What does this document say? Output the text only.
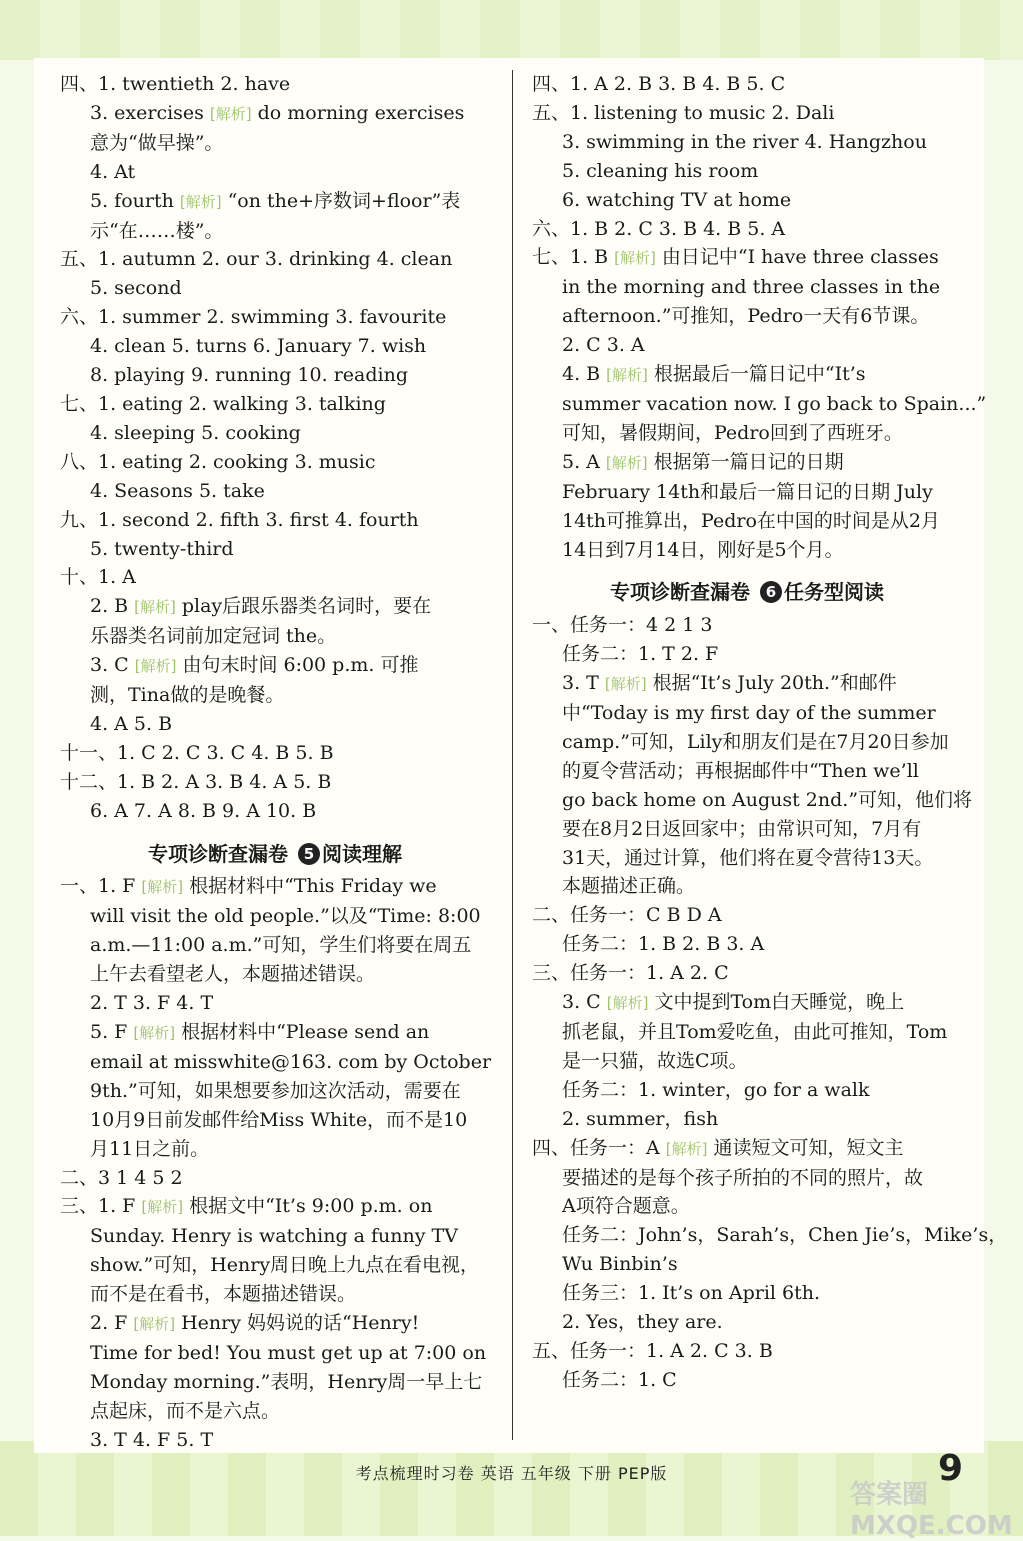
四、1. twentieth 2. have
3. exercises [解析] do morning exercises
意为“做早操”。
4. At
5. fourth [解析] “on the+序数词+floor”表
示“在……楼”。
五、1. autumn 2. our 3. drinking 4. clean
5. second
六、1. summer 2. swimming 3. favourite
4. clean 5. turns 6. January 7. wish
8. playing 9. running 10. reading
七、1. eating 2. walking 3. talking
4. sleeping 5. cooking
八、1. eating 2. cooking 3. music
4. Seasons 5. take
九、1. second 2. fifth 3. first 4. fourth
5. twenty-third
十、1. A
2. B [解析] play后跟乐器类名词时，要在
乐器类名词前加定冠词 the。
3. C [解析] 由句末时间 6:00 p.m. 可推
测，Tina做的是晚餐。
4. A 5. B
十一、1. C 2. C 3. C 4. B 5. B
十二、1. B 2. A 3. B 4. A 5. B
6. A 7. A 8. B 9. A 10. B
专项诊断查漏卷 5 阅读理解
一、1. F [解析] 根据材料中“This Friday we
will visit the old people.”以及“Time: 8:00
a.m.—11:00 a.m.”可知，学生们将要在周五
上午去看望老人，本题描述错误。
2. T 3. F 4. T
5. F [解析] 根据材料中“Please send an
email at misswhite@163. com by October
9th.”可知，如果想要参加这次活动，需要在
10月9日前发邮件给Miss White，而不是10
月11日之前。
二、3 1 4 5 2
三、1. F [解析] 根据文中“It’s 9:00 p.m. on
Sunday. Henry is watching a funny TV
show.”可知，Henry周日晚上九点在看电视，
而不是在看书，本题描述错误。
2. F [解析] Henry 妈妈说的话“Henry!
Time for bed! You must get up at 7:00 on
Monday morning.”表明，Henry周一早上七
点起床，而不是六点。
3. T 4. F 5. T
四、1. A 2. B 3. B 4. B 5. C
五、1. listening to music 2. Dali
3. swimming in the river 4. Hangzhou
5. cleaning his room
6. watching TV at home
六、1. B 2. C 3. B 4. B 5. A
七、1. B [解析] 由日记中“I have three classes
in the morning and three classes in the
afternoon.”可推知，Pedro一天有6节课。
2. C 3. A
4. B [解析] 根据最后一篇日记中“It’s
summer vacation now. I go back to Spain...”
可知，暑假期间，Pedro回到了西班牙。
5. A [解析] 根据第一篇日记的日期
February 14th和最后一篇日记的日期 July
14th可推算出，Pedro在中国的时间是从2月
14日到7月14日，刚好是5个月。
专项诊断查漏卷 6 任务型阅读
一、任务一：4 2 1 3
任务二：1. T 2. F
3. T [解析] 根据“It’s July 20th.”和邮件
中“Today is my first day of the summer
camp.”可知，Lily和朋友们是在7月20日参加
的夏令营活动；再根据邮件中“Then we’ll
go back home on August 2nd.”可知，他们将
要在8月2日返回家中；由常识可知，7月有
31天，通过计算，他们将在夏令营待13天。
本题描述正确。
二、任务一：C B D A
任务二：1. B 2. B 3. A
三、任务一：1. A 2. C
3. C [解析] 文中提到Tom白天睡觉，晚上
抓老鼠，并且Tom爱吃鱼，由此可推知，Tom
是一只猫，故选C项。
任务二：1. winter，go for a walk
2. summer，fish
四、任务一：A [解析] 通读短文可知，短文主
要描述的是每个孩子所拍的不同的照片，故
A项符合题意。
任务二：John’s，Sarah’s，Chen Jie’s，Mike’s，
Wu Binbin’s
任务三：1. It’s on April 6th.
2. Yes，they are.
五、任务一：1. A 2. C 3. B
任务二：1. C
考点梳理时习卷 英语 五年级 下册 PEP版	9
答案圈 MXQE.COM
